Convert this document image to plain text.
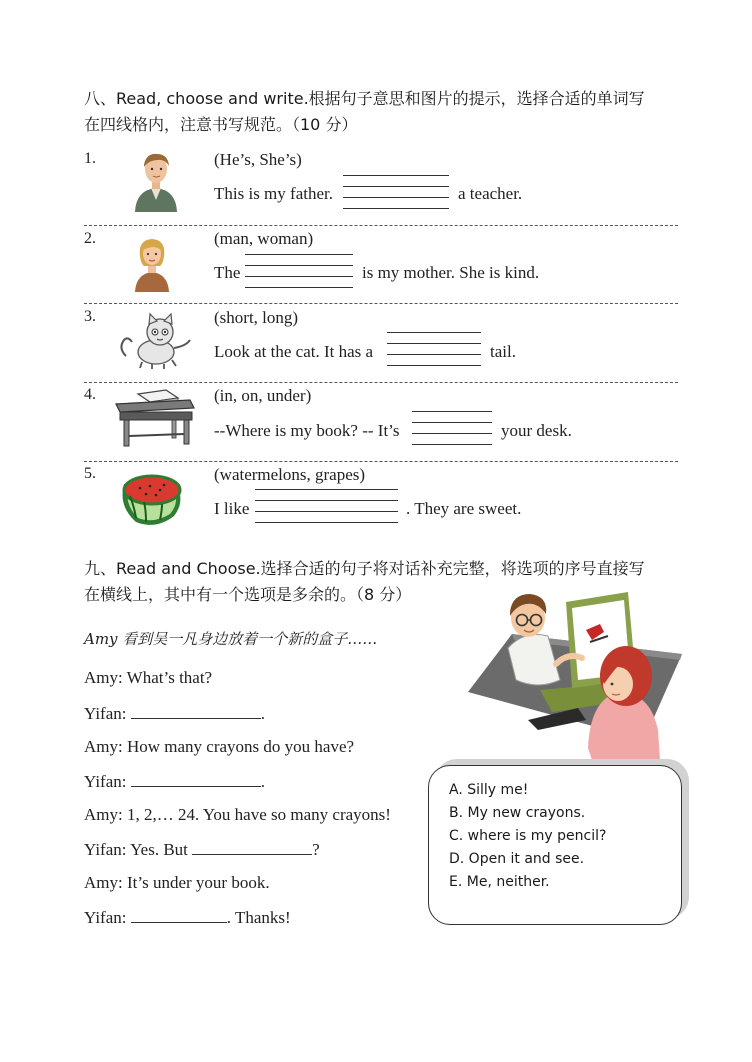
八、Read, choose and write.根据句子意思和图片的提示，选择合适的单词写
在四线格内，注意书写规范。（10 分）
1.	(He’s, She’s)
This is my father.	a teacher.
2.	(man, woman)
The	is my mother. She is kind.
3.	(short, long)
Look at the cat. It has a	tail.
4.	(in, on, under)
--Where is my book? -- It’s	your desk.
5.	(watermelons, grapes)
I like	. They are sweet.
九、Read and Choose.选择合适的句子将对话补充完整，将选项的序号直接写
在横线上，其中有一个选项是多余的。（8 分）
Amy 看到吴一凡身边放着一个新的盒子……
Amy: What’s that?
Yifan:	.
Amy: How many crayons do you have?
Yifan:	.
Amy: 1, 2,… 24. You have so many crayons!
Yifan: Yes. But	?
Amy: It’s under your book.
Yifan:	. Thanks!
A. Silly me!
B. My new crayons.
C. where is my pencil?
D. Open it and see.
E. Me, neither.
